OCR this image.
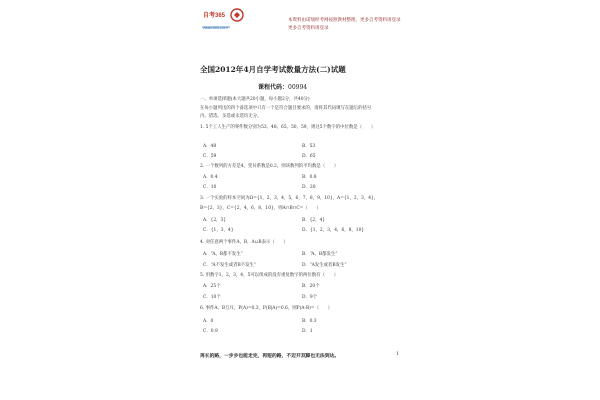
自考365
zikao365.com
本资料由诺瑞经考网按照教材整理，更多自考资料请登录
更多自考资料请登录
全国2012年4月自学考试数量方法(二)试题
课程代码：00994
一、单项选择题(本大题共20小题，每小题2分，共40分)
在每小题列出的四个备选项中只有一个是符合题目要求的，请将其代码填写在题后的括号
内。错选、多选或未选均无分。
1. 5个工人生产的零件数分别为53、48、65、50、59，则这5个数字的中位数是（　　）
A．48	B．53
C．59	D．65
2. 一个数列的方差是4，变异系数是0.2，则该数列的平均数是（　　）
A．0.4	B．0.8
C．10	D．20
3. 一个实验的样本空间为Ω={1，2，3，4，5，6，7，8，9，10}，A={1，2，3，4}，
B={2，3}，C={2，4，6，8，10}，则A∩B∩C=（　　）
A．{2，3}	B．{2，4}
C．{1，3，4}	D．{1，2，3，4，6，8，10}
4. 对任意两个事件A，B，A∪B表示（　　）
A．“A、B都不发生”	B．“A、B都发生”
C．“A不发生或者B不发生”	D．“A发生或者B发生”
5. 用数字1，2，3，4，5可以组成的没有重复数字的两位数有（　　）
A．25个	B．20个
C．10个	D．9个
6. 事件A、B互斥，P(A)=0.3，P(B|A)=0.6，则P(A-B)=（　　）
A．0	B．0.3
C．0.9	D．1
再长的路，一步步也能走完，再短的路，不迈开双脚也无法到达。	1
